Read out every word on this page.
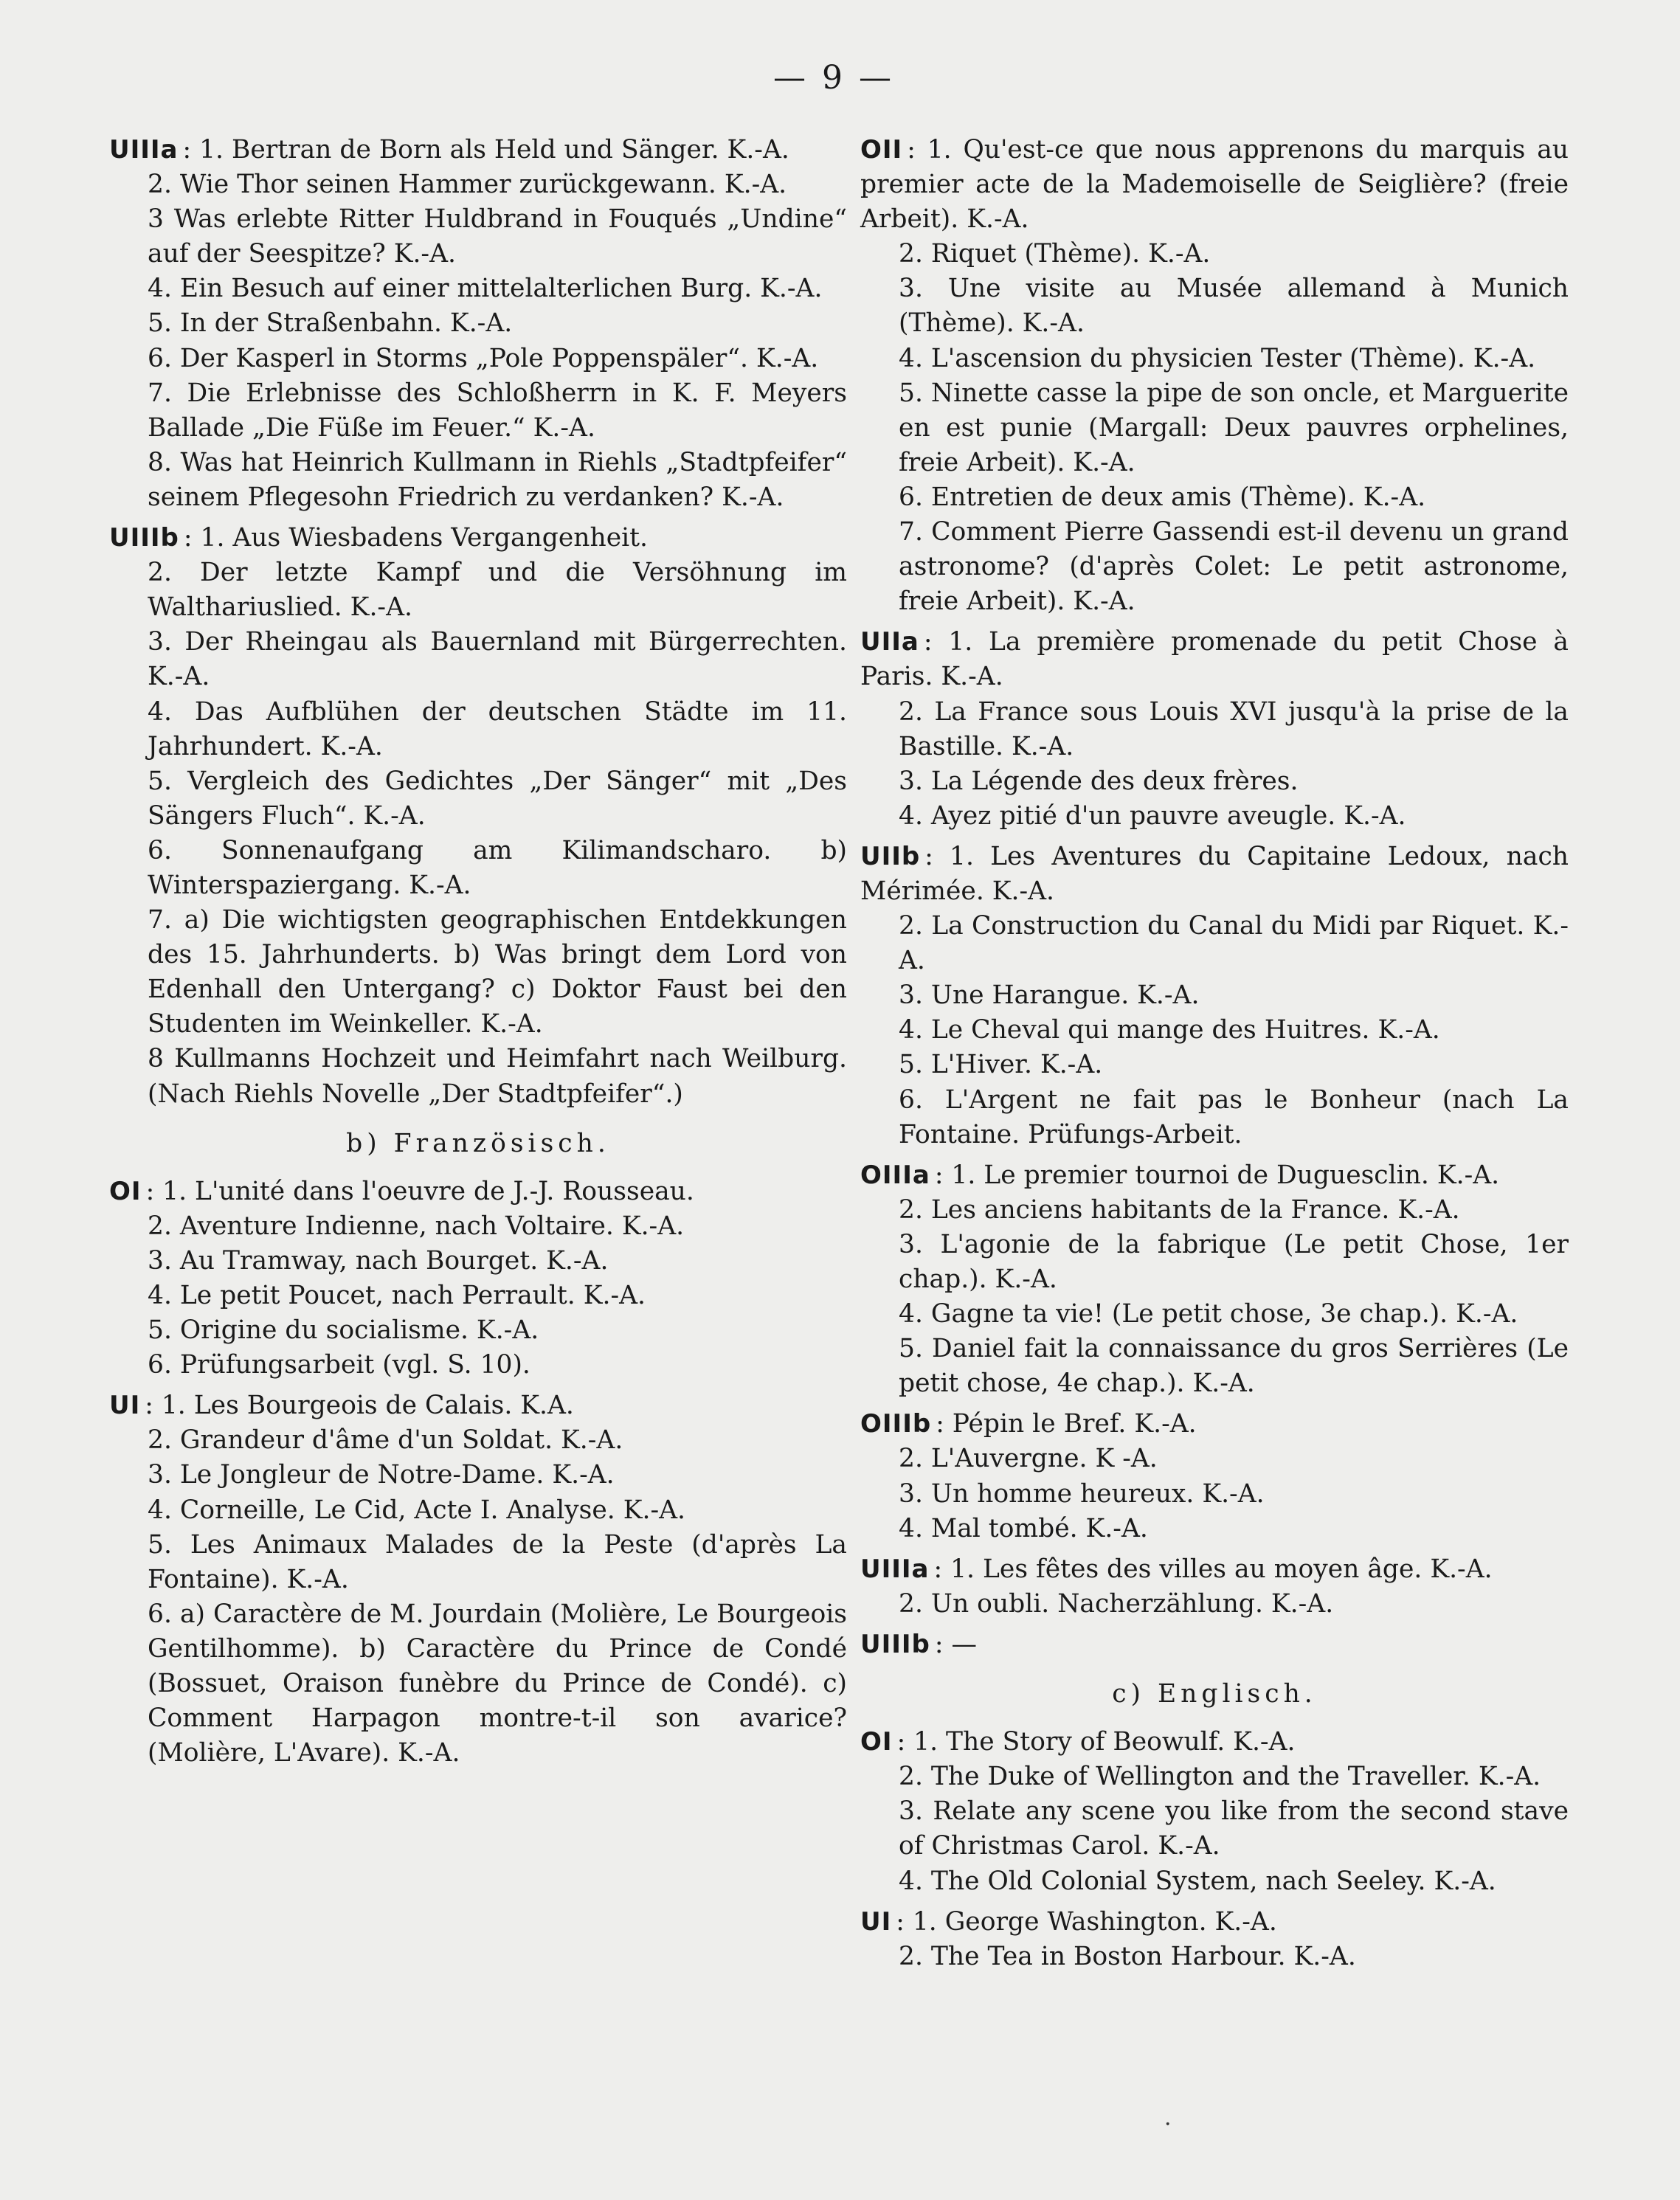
— 9 —

UIIIa : 1. Bertran de Born als Held und Sänger. K.-A.

2. Wie Thor seinen Hammer zurückgewann. K.-A.

3 Was erlebte Ritter Huldbrand in Fouqués „Undine“ auf der Seespitze? K.-A.

4. Ein Besuch auf einer mittelalterlichen Burg. K.-A.

5. In der Straßenbahn. K.-A.

6. Der Kasperl in Storms „Pole Poppenspäler“. K.-A.

7. Die Erlebnisse des Schloßherrn in K. F. Meyers Ballade „Die Füße im Feuer.“ K.-A.

8. Was hat Heinrich Kullmann in Riehls „Stadtpfeifer“ seinem Pflegesohn Friedrich zu verdanken? K.-A.

UIIIb : 1. Aus Wiesbadens Vergangenheit.

2. Der letzte Kampf und die Versöhnung im Walthariuslied. K.-A.

3. Der Rheingau als Bauernland mit Bürgerrechten. K.-A.

4. Das Aufblühen der deutschen Städte im 11. Jahrhundert. K.-A.

5. Vergleich des Gedichtes „Der Sänger“ mit „Des Sängers Fluch“. K.-A.

6. Sonnenaufgang am Kilimandscharo. b) Winterspaziergang. K.-A.

7. a) Die wichtigsten geographischen Entdekkungen des 15. Jahrhunderts. b) Was bringt dem Lord von Edenhall den Untergang? c) Doktor Faust bei den Studenten im Weinkeller. K.-A.

8 Kullmanns Hochzeit und Heimfahrt nach Weilburg. (Nach Riehls Novelle „Der Stadtpfeifer“.)

b) Französisch.

OI : 1. L'unité dans l'oeuvre de J.-J. Rousseau.

2. Aventure Indienne, nach Voltaire. K.-A.

3. Au Tramway, nach Bourget. K.-A.

4. Le petit Poucet, nach Perrault. K.-A.

5. Origine du socialisme. K.-A.

6. Prüfungsarbeit (vgl. S. 10).

UI : 1. Les Bourgeois de Calais. K.A.

2. Grandeur d'âme d'un Soldat. K.-A.

3. Le Jongleur de Notre-Dame. K.-A.

4. Corneille, Le Cid, Acte I. Analyse. K.-A.

5. Les Animaux Malades de la Peste (d'après La Fontaine). K.-A.

6. a) Caractère de M. Jourdain (Molière, Le Bourgeois Gentilhomme). b) Caractère du Prince de Condé (Bossuet, Oraison funèbre du Prince de Condé). c) Comment Harpagon montre-t-il son avarice? (Molière, L'Avare). K.-A.

OII : 1. Qu'est-ce que nous apprenons du marquis au premier acte de la Mademoiselle de Seiglière? (freie Arbeit). K.-A.

2. Riquet (Thème). K.-A.

3. Une visite au Musée allemand à Munich (Thème). K.-A.

4. L'ascension du physicien Tester (Thème). K.-A.

5. Ninette casse la pipe de son oncle, et Marguerite en est punie (Margall: Deux pauvres orphelines, freie Arbeit). K.-A.

6. Entretien de deux amis (Thème). K.-A.

7. Comment Pierre Gassendi est-il devenu un grand astronome? (d'après Colet: Le petit astronome, freie Arbeit). K.-A.

UIIa : 1. La première promenade du petit Chose à Paris. K.-A.

2. La France sous Louis XVI jusqu'à la prise de la Bastille. K.-A.

3. La Légende des deux frères.

4. Ayez pitié d'un pauvre aveugle. K.-A.

UIIb : 1. Les Aventures du Capitaine Ledoux, nach Mérimée. K.-A.

2. La Construction du Canal du Midi par Riquet. K.-A.

3. Une Harangue. K.-A.

4. Le Cheval qui mange des Huitres. K.-A.

5. L'Hiver. K.-A.

6. L'Argent ne fait pas le Bonheur (nach La Fontaine. Prüfungs-Arbeit.

OIIIa : 1. Le premier tournoi de Duguesclin. K.-A.

2. Les anciens habitants de la France. K.-A.

3. L'agonie de la fabrique (Le petit Chose, 1er chap.). K.-A.

4. Gagne ta vie! (Le petit chose, 3e chap.). K.-A.

5. Daniel fait la connaissance du gros Serrières (Le petit chose, 4e chap.). K.-A.

OIIIb : Pépin le Bref. K.-A.

2. L'Auvergne. K -A.

3. Un homme heureux. K.-A.

4. Mal tombé. K.-A.

UIIIa : 1. Les fêtes des villes au moyen âge. K.-A.

2. Un oubli. Nacherzählung. K.-A.

UIIIb : —

c) Englisch.

OI : 1. The Story of Beowulf. K.-A.

2. The Duke of Wellington and the Traveller. K.-A.

3. Relate any scene you like from the second stave of Christmas Carol. K.-A.

4. The Old Colonial System, nach Seeley. K.-A.

UI : 1. George Washington. K.-A.

2. The Tea in Boston Harbour. K.-A.

·
